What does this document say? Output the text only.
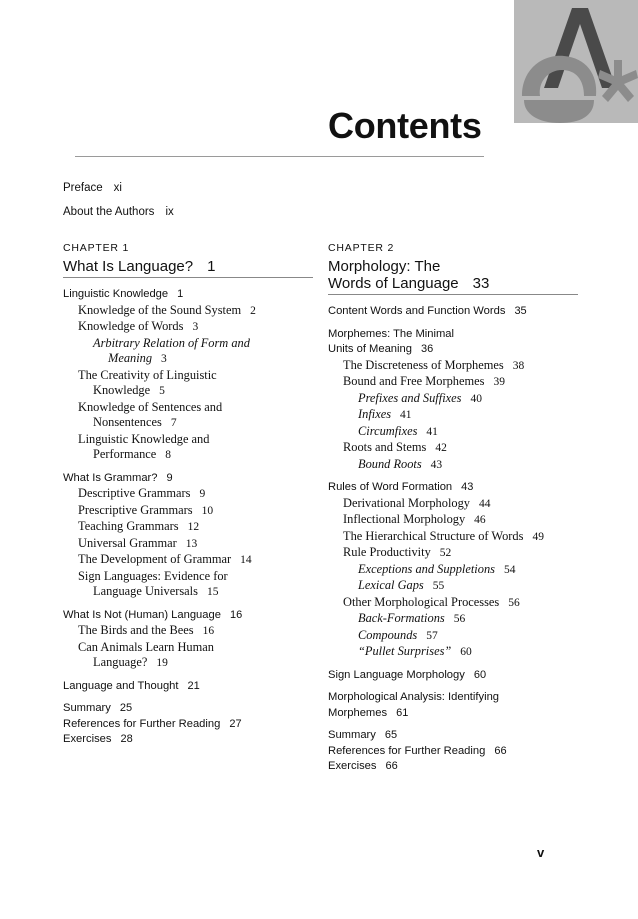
Contents
Preface xi
About the Authors ix
CHAPTER 1
What Is Language? 1
Linguistic Knowledge 1
Knowledge of the Sound System 2
Knowledge of Words 3
Arbitrary Relation of Form and
Meaning 3
The Creativity of Linguistic
Knowledge 5
Knowledge of Sentences and
Nonsentences 7
Linguistic Knowledge and
Performance 8
What Is Grammar? 9
Descriptive Grammars 9
Prescriptive Grammars 10
Teaching Grammars 12
Universal Grammar 13
The Development of Grammar 14
Sign Languages: Evidence for
Language Universals 15
What Is Not (Human) Language 16
The Birds and the Bees 16
Can Animals Learn Human
Language? 19
Language and Thought 21
Summary 25
References for Further Reading 27
Exercises 28
CHAPTER 2
Morphology: The
Words of Language 33
Content Words and Function Words 35
Morphemes: The Minimal
Units of Meaning 36
The Discreteness of Morphemes 38
Bound and Free Morphemes 39
Prefixes and Suffixes 40
Infixes 41
Circumfixes 41
Roots and Stems 42
Bound Roots 43
Rules of Word Formation 43
Derivational Morphology 44
Inflectional Morphology 46
The Hierarchical Structure of Words 49
Rule Productivity 52
Exceptions and Suppletions 54
Lexical Gaps 55
Other Morphological Processes 56
Back-Formations 56
Compounds 57
“Pullet Surprises” 60
Sign Language Morphology 60
Morphological Analysis: Identifying
Morphemes 61
Summary 65
References for Further Reading 66
Exercises 66
v
